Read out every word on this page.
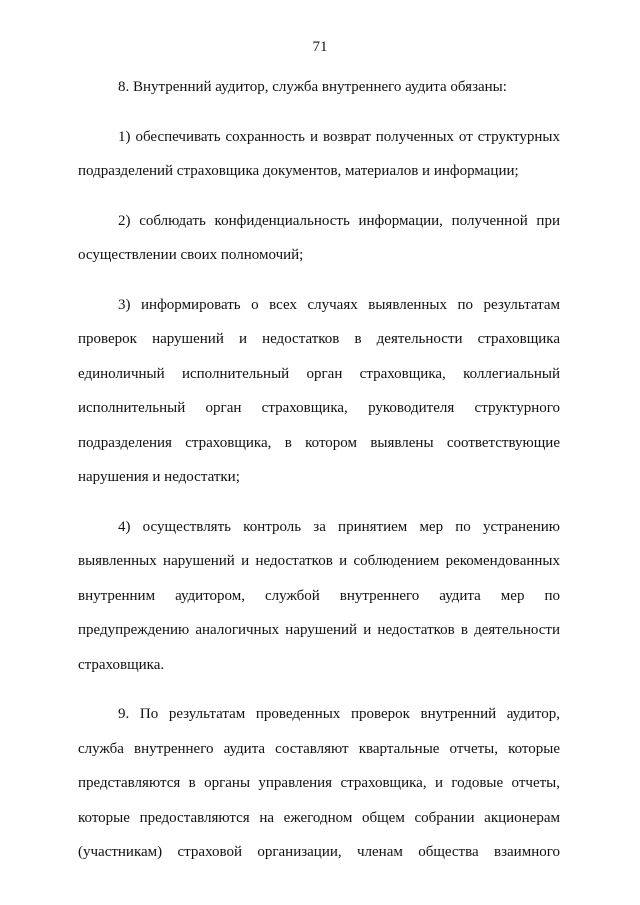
71

8. Внутренний аудитор, служба внутреннего аудита обязаны:

1) обеспечивать сохранность и возврат полученных от структурных
подразделений страховщика документов, материалов и информации;

2) соблюдать конфиденциальность информации, полученной при
осуществлении своих полномочий;

3) информировать о всех случаях выявленных по результатам
проверок нарушений и недостатков в деятельности страховщика
единоличный исполнительный орган страховщика, коллегиальный
исполнительный орган страховщика, руководителя структурного
подразделения страховщика, в котором выявлены соответствующие
нарушения и недостатки;

4) осуществлять контроль за принятием мер по устранению
выявленных нарушений и недостатков и соблюдением рекомендованных
внутренним аудитором, службой внутреннего аудита мер по
предупреждению аналогичных нарушений и недостатков в деятельности
страховщика.

9. По результатам проведенных проверок внутренний аудитор,
служба внутреннего аудита составляют квартальные отчеты, которые
представляются в органы управления страховщика, и годовые отчеты,
которые предоставляются на ежегодном общем собрании акционерам
(участникам) страховой организации, членам общества взаимного
